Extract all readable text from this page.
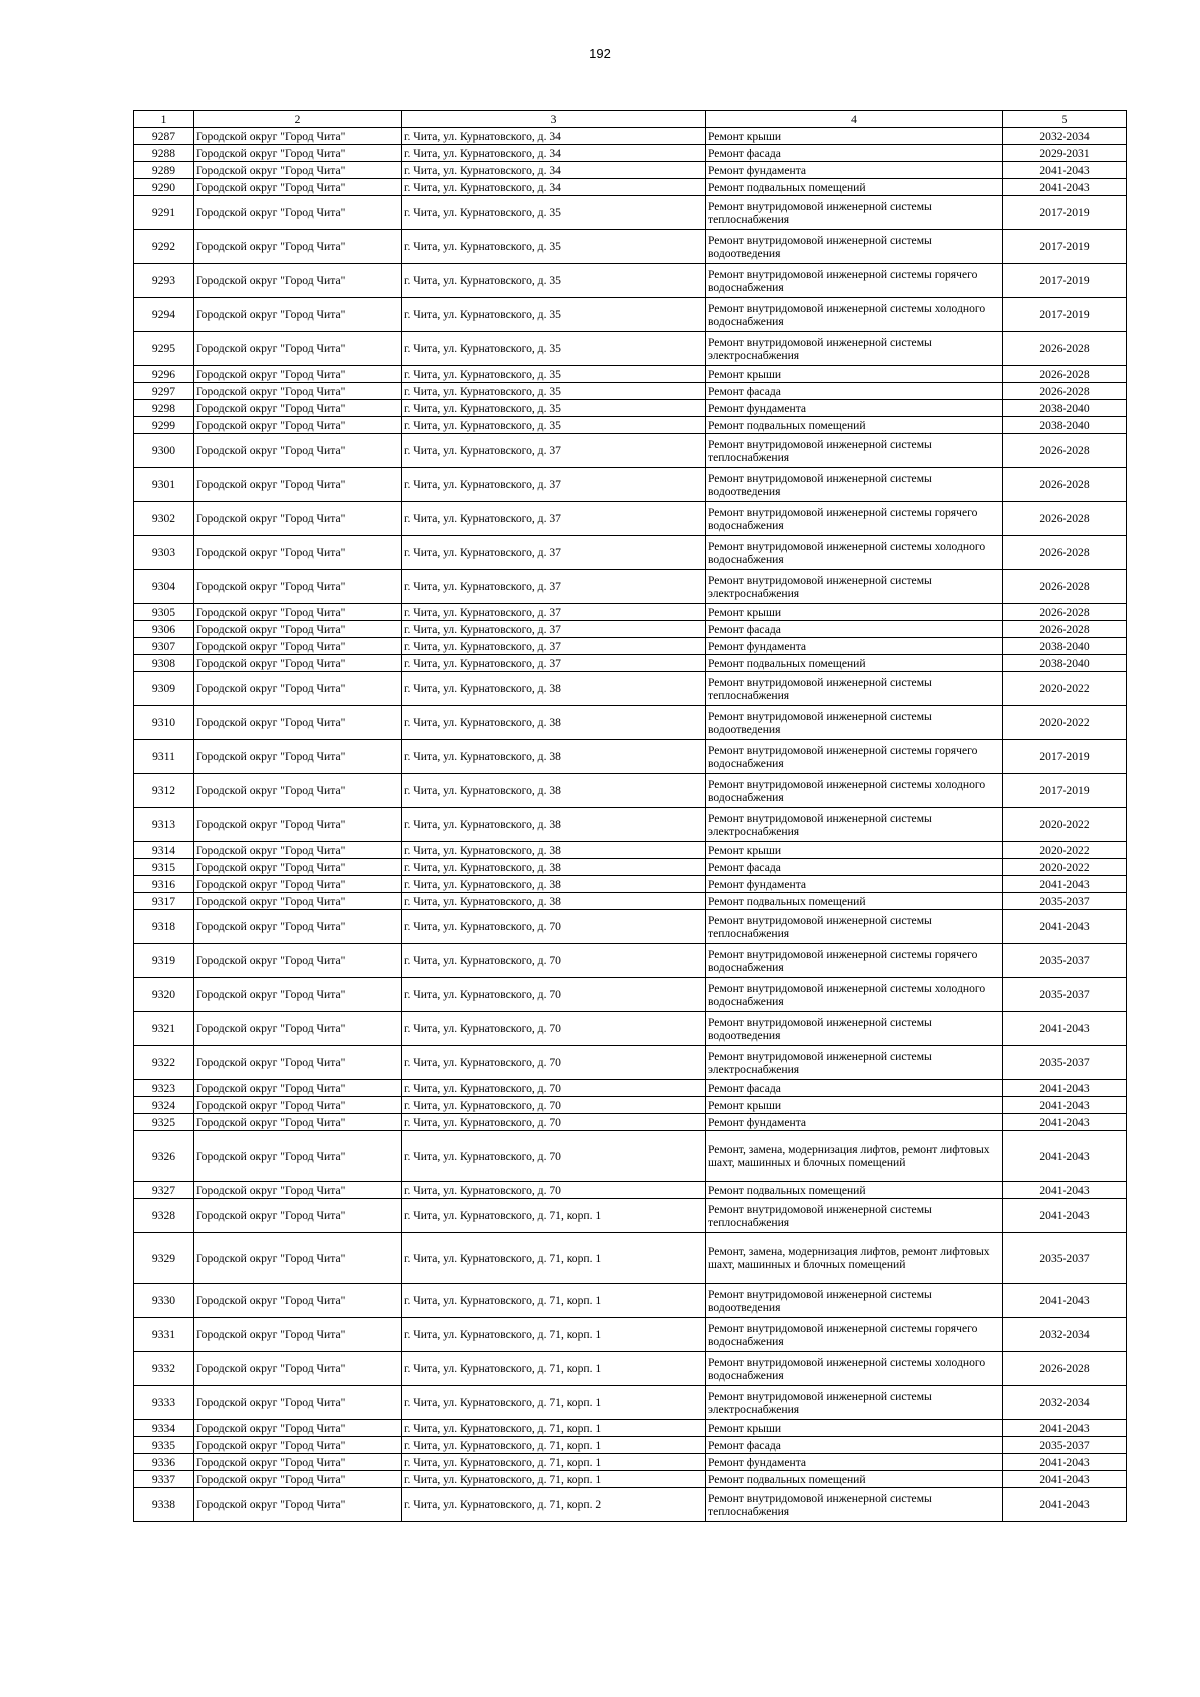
192
1	2	3	4	5
9287	Городской округ "Город Чита"	г. Чита, ул. Курнатовского, д. 34	Ремонт крыши	2032-2034
9288	Городской округ "Город Чита"	г. Чита, ул. Курнатовского, д. 34	Ремонт фасада	2029-2031
9289	Городской округ "Город Чита"	г. Чита, ул. Курнатовского, д. 34	Ремонт фундамента	2041-2043
9290	Городской округ "Город Чита"	г. Чита, ул. Курнатовского, д. 34	Ремонт подвальных помещений	2041-2043
9291	Городской округ "Город Чита"	г. Чита, ул. Курнатовского, д. 35	Ремонт внутридомовой инженерной системы теплоснабжения	2017-2019
9292	Городской округ "Город Чита"	г. Чита, ул. Курнатовского, д. 35	Ремонт внутридомовой инженерной системы водоотведения	2017-2019
9293	Городской округ "Город Чита"	г. Чита, ул. Курнатовского, д. 35	Ремонт внутридомовой инженерной системы горячего водоснабжения	2017-2019
9294	Городской округ "Город Чита"	г. Чита, ул. Курнатовского, д. 35	Ремонт внутридомовой инженерной системы холодного водоснабжения	2017-2019
9295	Городской округ "Город Чита"	г. Чита, ул. Курнатовского, д. 35	Ремонт внутридомовой инженерной системы электроснабжения	2026-2028
9296	Городской округ "Город Чита"	г. Чита, ул. Курнатовского, д. 35	Ремонт крыши	2026-2028
9297	Городской округ "Город Чита"	г. Чита, ул. Курнатовского, д. 35	Ремонт фасада	2026-2028
9298	Городской округ "Город Чита"	г. Чита, ул. Курнатовского, д. 35	Ремонт фундамента	2038-2040
9299	Городской округ "Город Чита"	г. Чита, ул. Курнатовского, д. 35	Ремонт подвальных помещений	2038-2040
9300	Городской округ "Город Чита"	г. Чита, ул. Курнатовского, д. 37	Ремонт внутридомовой инженерной системы теплоснабжения	2026-2028
9301	Городской округ "Город Чита"	г. Чита, ул. Курнатовского, д. 37	Ремонт внутридомовой инженерной системы водоотведения	2026-2028
9302	Городской округ "Город Чита"	г. Чита, ул. Курнатовского, д. 37	Ремонт внутридомовой инженерной системы горячего водоснабжения	2026-2028
9303	Городской округ "Город Чита"	г. Чита, ул. Курнатовского, д. 37	Ремонт внутридомовой инженерной системы холодного водоснабжения	2026-2028
9304	Городской округ "Город Чита"	г. Чита, ул. Курнатовского, д. 37	Ремонт внутридомовой инженерной системы электроснабжения	2026-2028
9305	Городской округ "Город Чита"	г. Чита, ул. Курнатовского, д. 37	Ремонт крыши	2026-2028
9306	Городской округ "Город Чита"	г. Чита, ул. Курнатовского, д. 37	Ремонт фасада	2026-2028
9307	Городской округ "Город Чита"	г. Чита, ул. Курнатовского, д. 37	Ремонт фундамента	2038-2040
9308	Городской округ "Город Чита"	г. Чита, ул. Курнатовского, д. 37	Ремонт подвальных помещений	2038-2040
9309	Городской округ "Город Чита"	г. Чита, ул. Курнатовского, д. 38	Ремонт внутридомовой инженерной системы теплоснабжения	2020-2022
9310	Городской округ "Город Чита"	г. Чита, ул. Курнатовского, д. 38	Ремонт внутридомовой инженерной системы водоотведения	2020-2022
9311	Городской округ "Город Чита"	г. Чита, ул. Курнатовского, д. 38	Ремонт внутридомовой инженерной системы горячего водоснабжения	2017-2019
9312	Городской округ "Город Чита"	г. Чита, ул. Курнатовского, д. 38	Ремонт внутридомовой инженерной системы холодного водоснабжения	2017-2019
9313	Городской округ "Город Чита"	г. Чита, ул. Курнатовского, д. 38	Ремонт внутридомовой инженерной системы электроснабжения	2020-2022
9314	Городской округ "Город Чита"	г. Чита, ул. Курнатовского, д. 38	Ремонт крыши	2020-2022
9315	Городской округ "Город Чита"	г. Чита, ул. Курнатовского, д. 38	Ремонт фасада	2020-2022
9316	Городской округ "Город Чита"	г. Чита, ул. Курнатовского, д. 38	Ремонт фундамента	2041-2043
9317	Городской округ "Город Чита"	г. Чита, ул. Курнатовского, д. 38	Ремонт подвальных помещений	2035-2037
9318	Городской округ "Город Чита"	г. Чита, ул. Курнатовского, д. 70	Ремонт внутридомовой инженерной системы теплоснабжения	2041-2043
9319	Городской округ "Город Чита"	г. Чита, ул. Курнатовского, д. 70	Ремонт внутридомовой инженерной системы горячего водоснабжения	2035-2037
9320	Городской округ "Город Чита"	г. Чита, ул. Курнатовского, д. 70	Ремонт внутридомовой инженерной системы холодного водоснабжения	2035-2037
9321	Городской округ "Город Чита"	г. Чита, ул. Курнатовского, д. 70	Ремонт внутридомовой инженерной системы водоотведения	2041-2043
9322	Городской округ "Город Чита"	г. Чита, ул. Курнатовского, д. 70	Ремонт внутридомовой инженерной системы электроснабжения	2035-2037
9323	Городской округ "Город Чита"	г. Чита, ул. Курнатовского, д. 70	Ремонт фасада	2041-2043
9324	Городской округ "Город Чита"	г. Чита, ул. Курнатовского, д. 70	Ремонт крыши	2041-2043
9325	Городской округ "Город Чита"	г. Чита, ул. Курнатовского, д. 70	Ремонт фундамента	2041-2043
9326	Городской округ "Город Чита"	г. Чита, ул. Курнатовского, д. 70	Ремонт, замена, модернизация лифтов, ремонт лифтовых шахт, машинных и блочных помещений	2041-2043
9327	Городской округ "Город Чита"	г. Чита, ул. Курнатовского, д. 70	Ремонт подвальных помещений	2041-2043
9328	Городской округ "Город Чита"	г. Чита, ул. Курнатовского, д. 71, корп. 1	Ремонт внутридомовой инженерной системы теплоснабжения	2041-2043
9329	Городской округ "Город Чита"	г. Чита, ул. Курнатовского, д. 71, корп. 1	Ремонт, замена, модернизация лифтов, ремонт лифтовых шахт, машинных и блочных помещений	2035-2037
9330	Городской округ "Город Чита"	г. Чита, ул. Курнатовского, д. 71, корп. 1	Ремонт внутридомовой инженерной системы водоотведения	2041-2043
9331	Городской округ "Город Чита"	г. Чита, ул. Курнатовского, д. 71, корп. 1	Ремонт внутридомовой инженерной системы горячего водоснабжения	2032-2034
9332	Городской округ "Город Чита"	г. Чита, ул. Курнатовского, д. 71, корп. 1	Ремонт внутридомовой инженерной системы холодного водоснабжения	2026-2028
9333	Городской округ "Город Чита"	г. Чита, ул. Курнатовского, д. 71, корп. 1	Ремонт внутридомовой инженерной системы электроснабжения	2032-2034
9334	Городской округ "Город Чита"	г. Чита, ул. Курнатовского, д. 71, корп. 1	Ремонт крыши	2041-2043
9335	Городской округ "Город Чита"	г. Чита, ул. Курнатовского, д. 71, корп. 1	Ремонт фасада	2035-2037
9336	Городской округ "Город Чита"	г. Чита, ул. Курнатовского, д. 71, корп. 1	Ремонт фундамента	2041-2043
9337	Городской округ "Город Чита"	г. Чита, ул. Курнатовского, д. 71, корп. 1	Ремонт подвальных помещений	2041-2043
9338	Городской округ "Город Чита"	г. Чита, ул. Курнатовского, д. 71, корп. 2	Ремонт внутридомовой инженерной системы теплоснабжения	2041-2043
